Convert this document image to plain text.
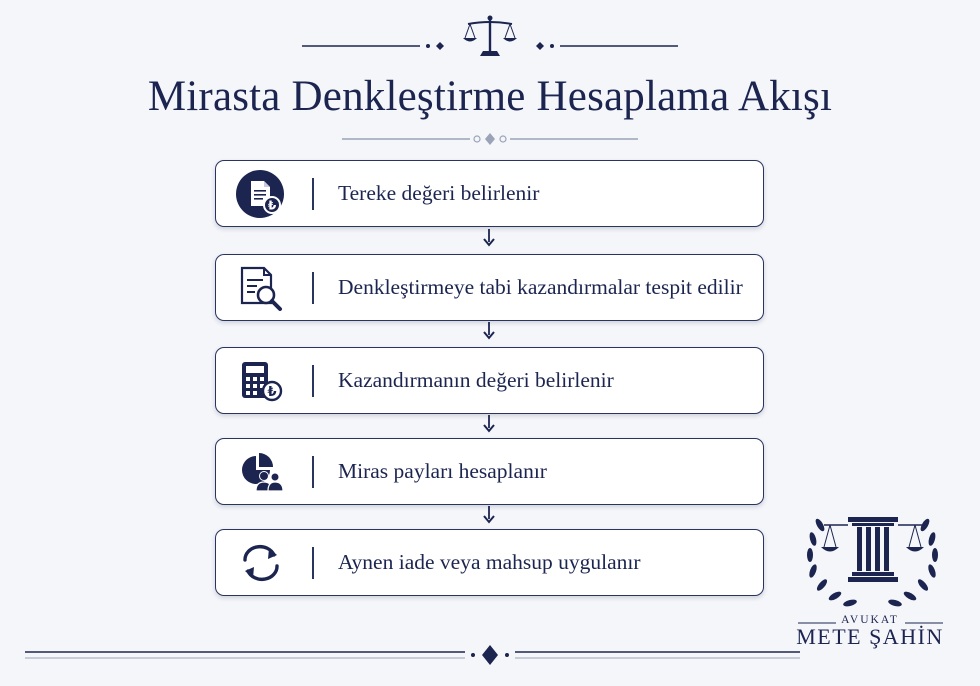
Mirasta Denkleştirme Hesaplama Akışı
₺
Tereke değeri belirlenir
Denkleştirmeye tabi kazandırmalar tespit edilir
₺
Kazandırmanın değeri belirlenir
Miras payları hesaplanır
Aynen iade veya mahsup uygulanır
AVUKAT
METE ŞAHİN
